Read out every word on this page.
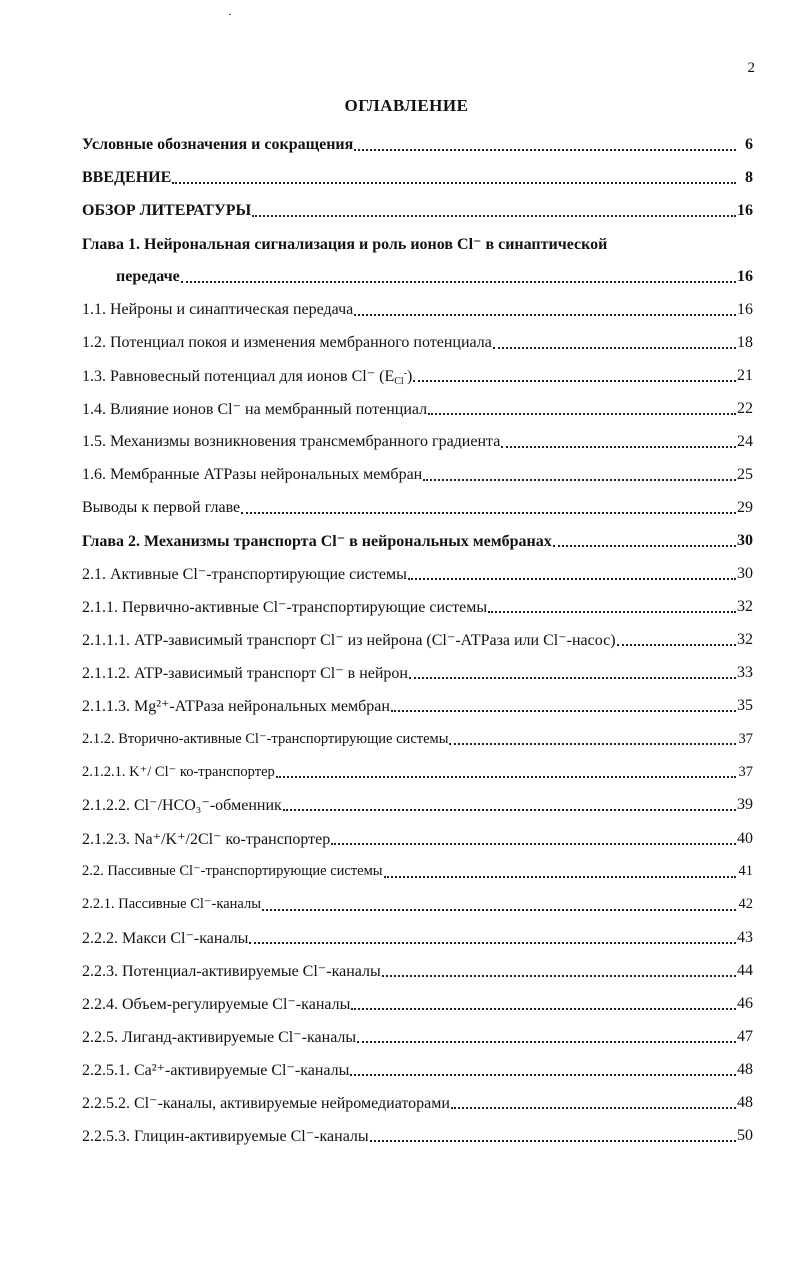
2
ОГЛАВЛЕНИЕ
Условные обозначения и сокращения	6
ВВЕДЕНИЕ	8
ОБЗОР ЛИТЕРАТУРЫ	16
Глава 1. Нейрональная сигнализация и роль ионов Cl⁻ в синаптической
передаче	16
1.1. Нейроны и синаптическая передача	16
1.2. Потенциал покоя и изменения мембранного потенциала	18
1.3. Равновесный потенциал для ионов Cl⁻ $(E_{Cl}^-)$	21
1.4. Влияние ионов Cl⁻ на мембранный потенциал	22
1.5. Механизмы возникновения трансмембранного градиента	24
1.6. Мембранные АТРазы нейрональных мембран	25
Выводы к первой главе	29
Глава 2. Механизмы транспорта Cl⁻ в нейрональных мембранах	30
2.1. Активные Cl⁻-транспортирующие системы	30
2.1.1. Первично-активные Cl⁻-транспортирующие системы	32
2.1.1.1. АТР-зависимый транспорт Cl⁻ из нейрона (Cl⁻-АТРаза или Cl⁻-насос)	32
2.1.1.2. АТР-зависимый транспорт Cl⁻ в нейрон	33
2.1.1.3. Mg²⁺-АТРаза нейрональных мембран	35
2.1.2. Вторично-активные Cl⁻-транспортирующие системы	37
2.1.2.1. K⁺/ Cl⁻ ко-транспортер	37
2.1.2.2. Cl⁻/HCO₃⁻-обменник	39
2.1.2.3. Na⁺/K⁺/2Cl⁻ ко-транспортер	40
2.2. Пассивные Cl⁻-транспортирующие системы	41
2.2.1. Пассивные Cl⁻-каналы	42
2.2.2. Макси Cl⁻-каналы	43
2.2.3. Потенциал-активируемые Cl⁻-каналы	44
2.2.4. Объем-регулируемые Cl⁻-каналы	46
2.2.5. Лиганд-активируемые Cl⁻-каналы	47
2.2.5.1. Ca²⁺-активируемые Cl⁻-каналы	48
2.2.5.2. Cl⁻-каналы, активируемые нейромедиаторами	48
2.2.5.3. Глицин-активируемые Cl⁻-каналы	50
